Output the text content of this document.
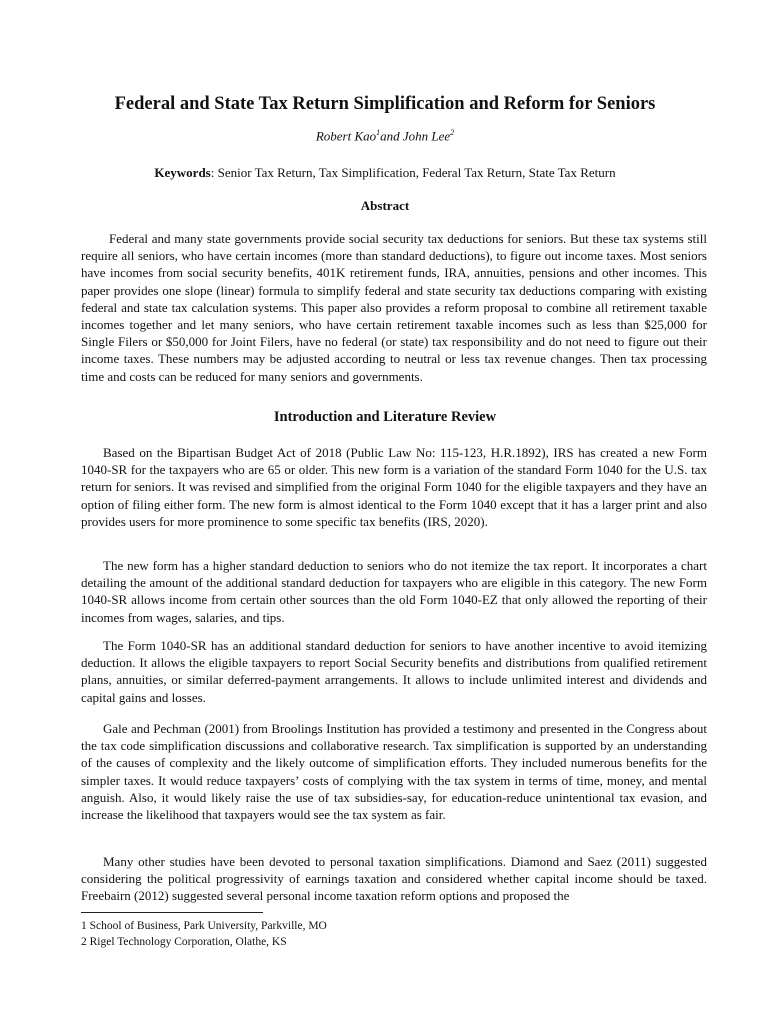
Federal and State Tax Return Simplification and Reform for Seniors
Robert Kao$^1$and John Lee$^2$
Keywords: Senior Tax Return, Tax Simplification, Federal Tax Return, State Tax Return
Abstract

Federal and many state governments provide social security tax deductions for seniors. But these tax systems still require all seniors, who have certain incomes (more than standard deductions), to figure out income taxes. Most seniors have incomes from social security benefits, 401K retirement funds, IRA, annuities, pensions and other incomes. This paper provides one slope (linear) formula to simplify federal and state security tax deductions comparing with existing federal and state tax calculation systems. This paper also provides a reform proposal to combine all retirement taxable incomes together and let many seniors, who have certain retirement taxable incomes such as less than $25,000 for Single Filers or $50,000 for Joint Filers, have no federal (or state) tax responsibility and do not need to figure out their income taxes. These numbers may be adjusted according to neutral or less tax revenue changes. Then tax processing time and costs can be reduced for many seniors and governments.

Introduction and Literature Review

Based on the Bipartisan Budget Act of 2018 (Public Law No: 115-123, H.R.1892), IRS has created a new Form 1040-SR for the taxpayers who are 65 or older. This new form is a variation of the standard Form 1040 for the U.S. tax return for seniors. It was revised and simplified from the original Form 1040 for the eligible taxpayers and they have an option of filing either form. The new form is almost identical to the Form 1040 except that it has a larger print and also provides users for more prominence to some specific tax benefits (IRS, 2020).

The new form has a higher standard deduction to seniors who do not itemize the tax report. It incorporates a chart detailing the amount of the additional standard deduction for taxpayers who are eligible in this category. The new Form 1040-SR allows income from certain other sources than the old Form 1040-EZ that only allowed the reporting of their incomes from wages, salaries, and tips.

The Form 1040-SR has an additional standard deduction for seniors to have another incentive to avoid itemizing deduction. It allows the eligible taxpayers to report Social Security benefits and distributions from qualified retirement plans, annuities, or similar deferred-payment arrangements. It allows to include unlimited interest and dividends and capital gains and losses.

Gale and Pechman (2001) from Broolings Institution has provided a testimony and presented in the Congress about the tax code simplification discussions and collaborative research. Tax simplification is supported by an understanding of the causes of complexity and the likely outcome of simplification efforts. They included numerous benefits for the simpler taxes. It would reduce taxpayers’ costs of complying with the tax system in terms of time, money, and mental anguish. Also, it would likely raise the use of tax subsidies-say, for education-reduce unintentional tax evasion, and increase the likelihood that taxpayers would see the tax system as fair.

Many other studies have been devoted to personal taxation simplifications. Diamond and Saez (2011) suggested considering the political progressivity of earnings taxation and considered whether capital income should be taxed. Freebairn (2012) suggested several personal income taxation reform options and proposed the

1 School of Business, Park University, Parkville, MO
2 Rigel Technology Corporation, Olathe, KS
